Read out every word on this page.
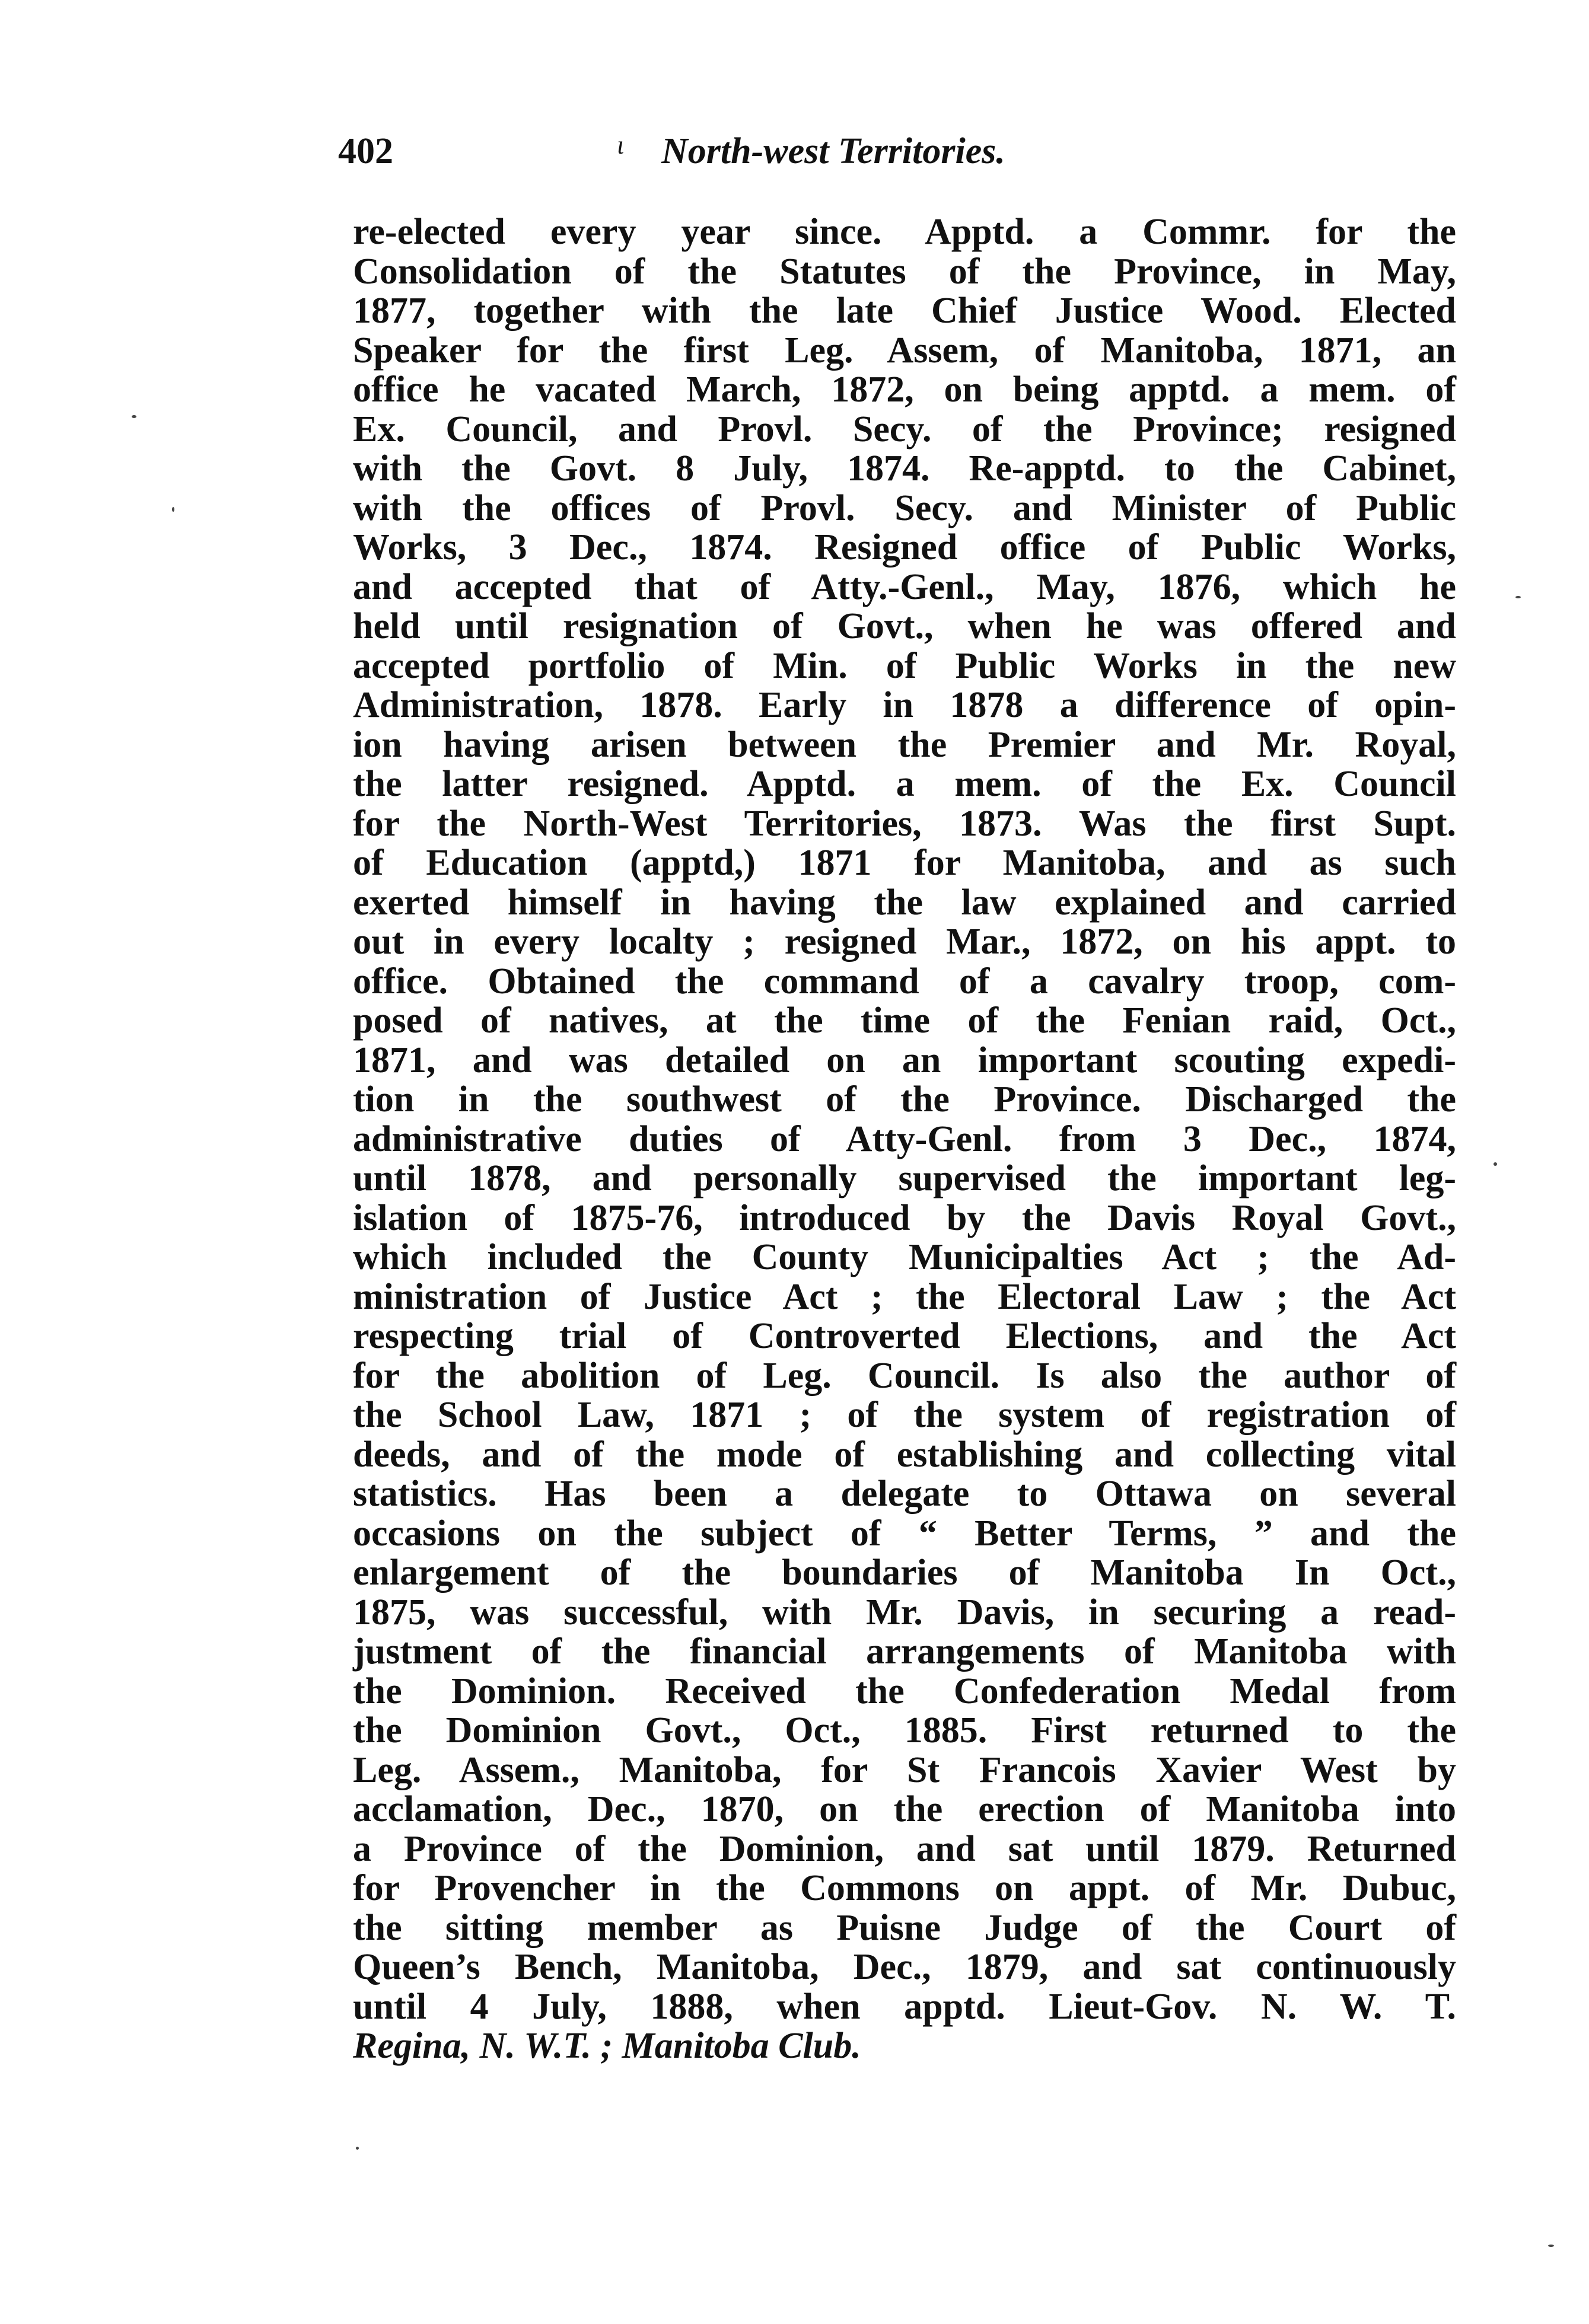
402	ι North-west Territories.
re-elected every year since. Apptd. a Commr. for the
Consolidation of the Statutes of the Province, in May,
1877, together with the late Chief Justice Wood. Elected
Speaker for the first Leg. Assem, of Manitoba, 1871, an
office he vacated March, 1872, on being apptd. a mem. of
Ex. Council, and Provl. Secy. of the Province; resigned
with the Govt. 8 July, 1874. Re-apptd. to the Cabinet,
with the offices of Provl. Secy. and Minister of Public
Works, 3 Dec., 1874. Resigned office of Public Works,
and accepted that of Atty.-Genl., May, 1876, which he
held until resignation of Govt., when he was offered and
accepted portfolio of Min. of Public Works in the new
Administration, 1878. Early in 1878 a difference of opin-
ion having arisen between the Premier and Mr. Royal,
the latter resigned. Apptd. a mem. of the Ex. Council
for the North-West Territories, 1873. Was the first Supt.
of Education (apptd,) 1871 for Manitoba, and as such
exerted himself in having the law explained and carried
out in every localty ; resigned Mar., 1872, on his appt. to
office. Obtained the command of a cavalry troop, com-
posed of natives, at the time of the Fenian raid, Oct.,
1871, and was detailed on an important scouting expedi-
tion in the southwest of the Province. Discharged the
administrative duties of Atty-Genl. from 3 Dec., 1874,
until 1878, and personally supervised the important leg-
islation of 1875-76, introduced by the Davis Royal Govt.,
which included the County Municipalties Act ; the Ad-
ministration of Justice Act ; the Electoral Law ; the Act
respecting trial of Controverted Elections, and the Act
for the abolition of Leg. Council. Is also the author of
the School Law, 1871 ; of the system of registration of
deeds, and of the mode of establishing and collecting vital
statistics. Has been a delegate to Ottawa on several
occasions on the subject of “ Better Terms, ” and the
enlargement of the boundaries of Manitoba In Oct.,
1875, was successful, with Mr. Davis, in securing a read-
justment of the financial arrangements of Manitoba with
the Dominion. Received the Confederation Medal from
the Dominion Govt., Oct., 1885. First returned to the
Leg. Assem., Manitoba, for St Francois Xavier West by
acclamation, Dec., 1870, on the erection of Manitoba into
a Province of the Dominion, and sat until 1879. Returned
for Provencher in the Commons on appt. of Mr. Dubuc,
the sitting member as Puisne Judge of the Court of
Queen’s Bench, Manitoba, Dec., 1879, and sat continuously
until 4 July, 1888, when apptd. Lieut-Gov. N. W. T.
Regina, N. W.T. ; Manitoba Club.
